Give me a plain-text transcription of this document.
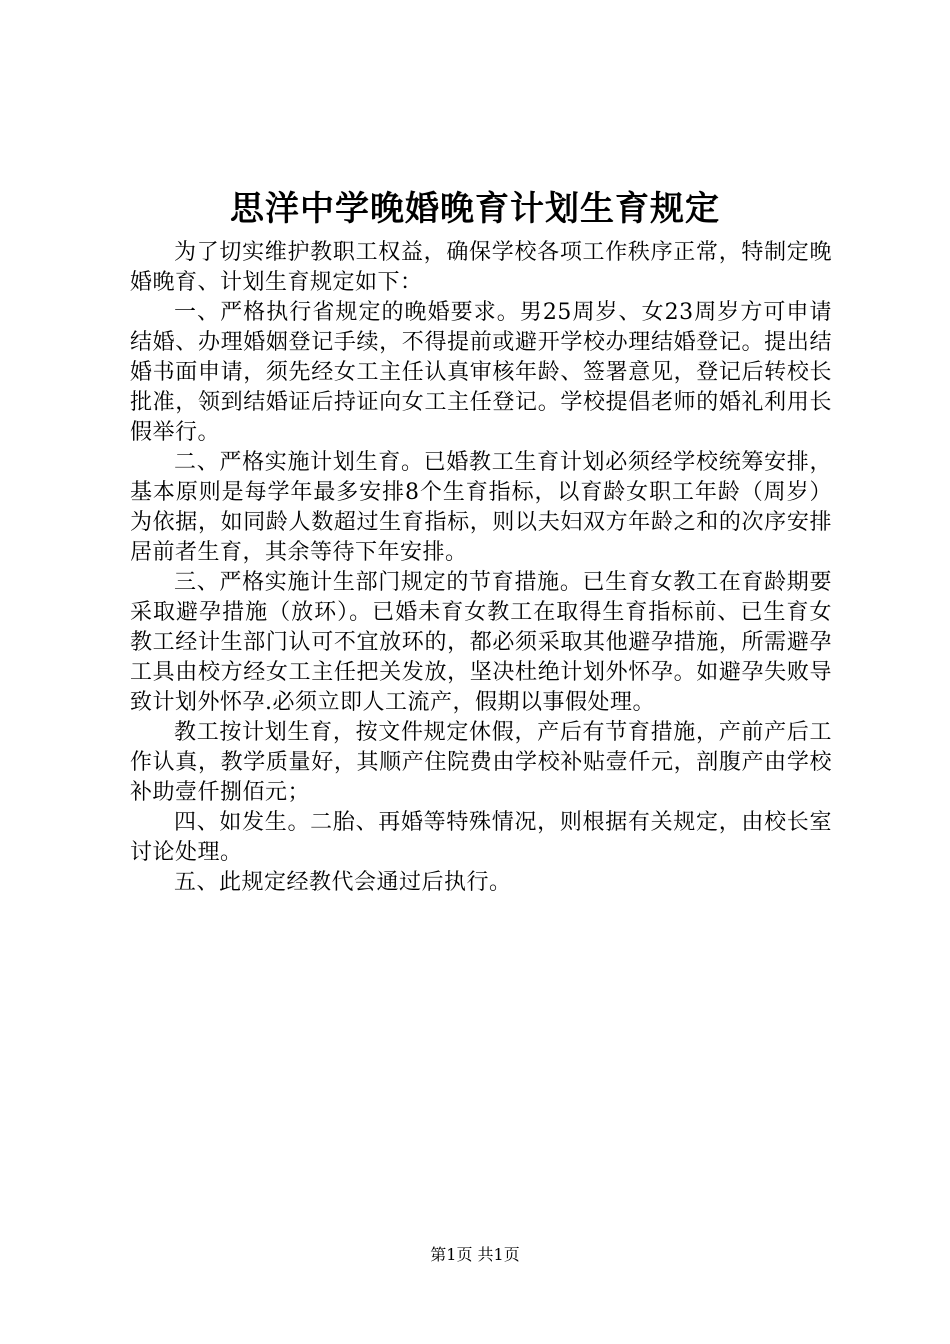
思洋中学晚婚晚育计划生育规定

为了切实维护教职工权益，确保学校各项工作秩序正常，特制定晚婚晚育、计划生育规定如下：

一、严格执行省规定的晚婚要求。男25周岁、女23周岁方可申请结婚、办理婚姻登记手续，不得提前或避开学校办理结婚登记。提出结婚书面申请，须先经女工主任认真审核年龄、签署意见，登记后转校长批准，领到结婚证后持证向女工主任登记。学校提倡老师的婚礼利用长假举行。

二、严格实施计划生育。已婚教工生育计划必须经学校统筹安排，基本原则是每学年最多安排8个生育指标，以育龄女职工年龄（周岁）为依据，如同龄人数超过生育指标，则以夫妇双方年龄之和的次序安排居前者生育，其余等待下年安排。

三、严格实施计生部门规定的节育措施。已生育女教工在育龄期要采取避孕措施（放环）。已婚未育女教工在取得生育指标前、已生育女教工经计生部门认可不宜放环的，都必须采取其他避孕措施，所需避孕工具由校方经女工主任把关发放，坚决杜绝计划外怀孕。如避孕失败导致计划外怀孕.必须立即人工流产，假期以事假处理。

教工按计划生育，按文件规定休假，产后有节育措施，产前产后工作认真，教学质量好，其顺产住院费由学校补贴壹仟元，剖腹产由学校补助壹仟捌佰元；

四、如发生。二胎、再婚等特殊情况，则根据有关规定，由校长室讨论处理。

五、此规定经教代会通过后执行。

第1页 共1页
